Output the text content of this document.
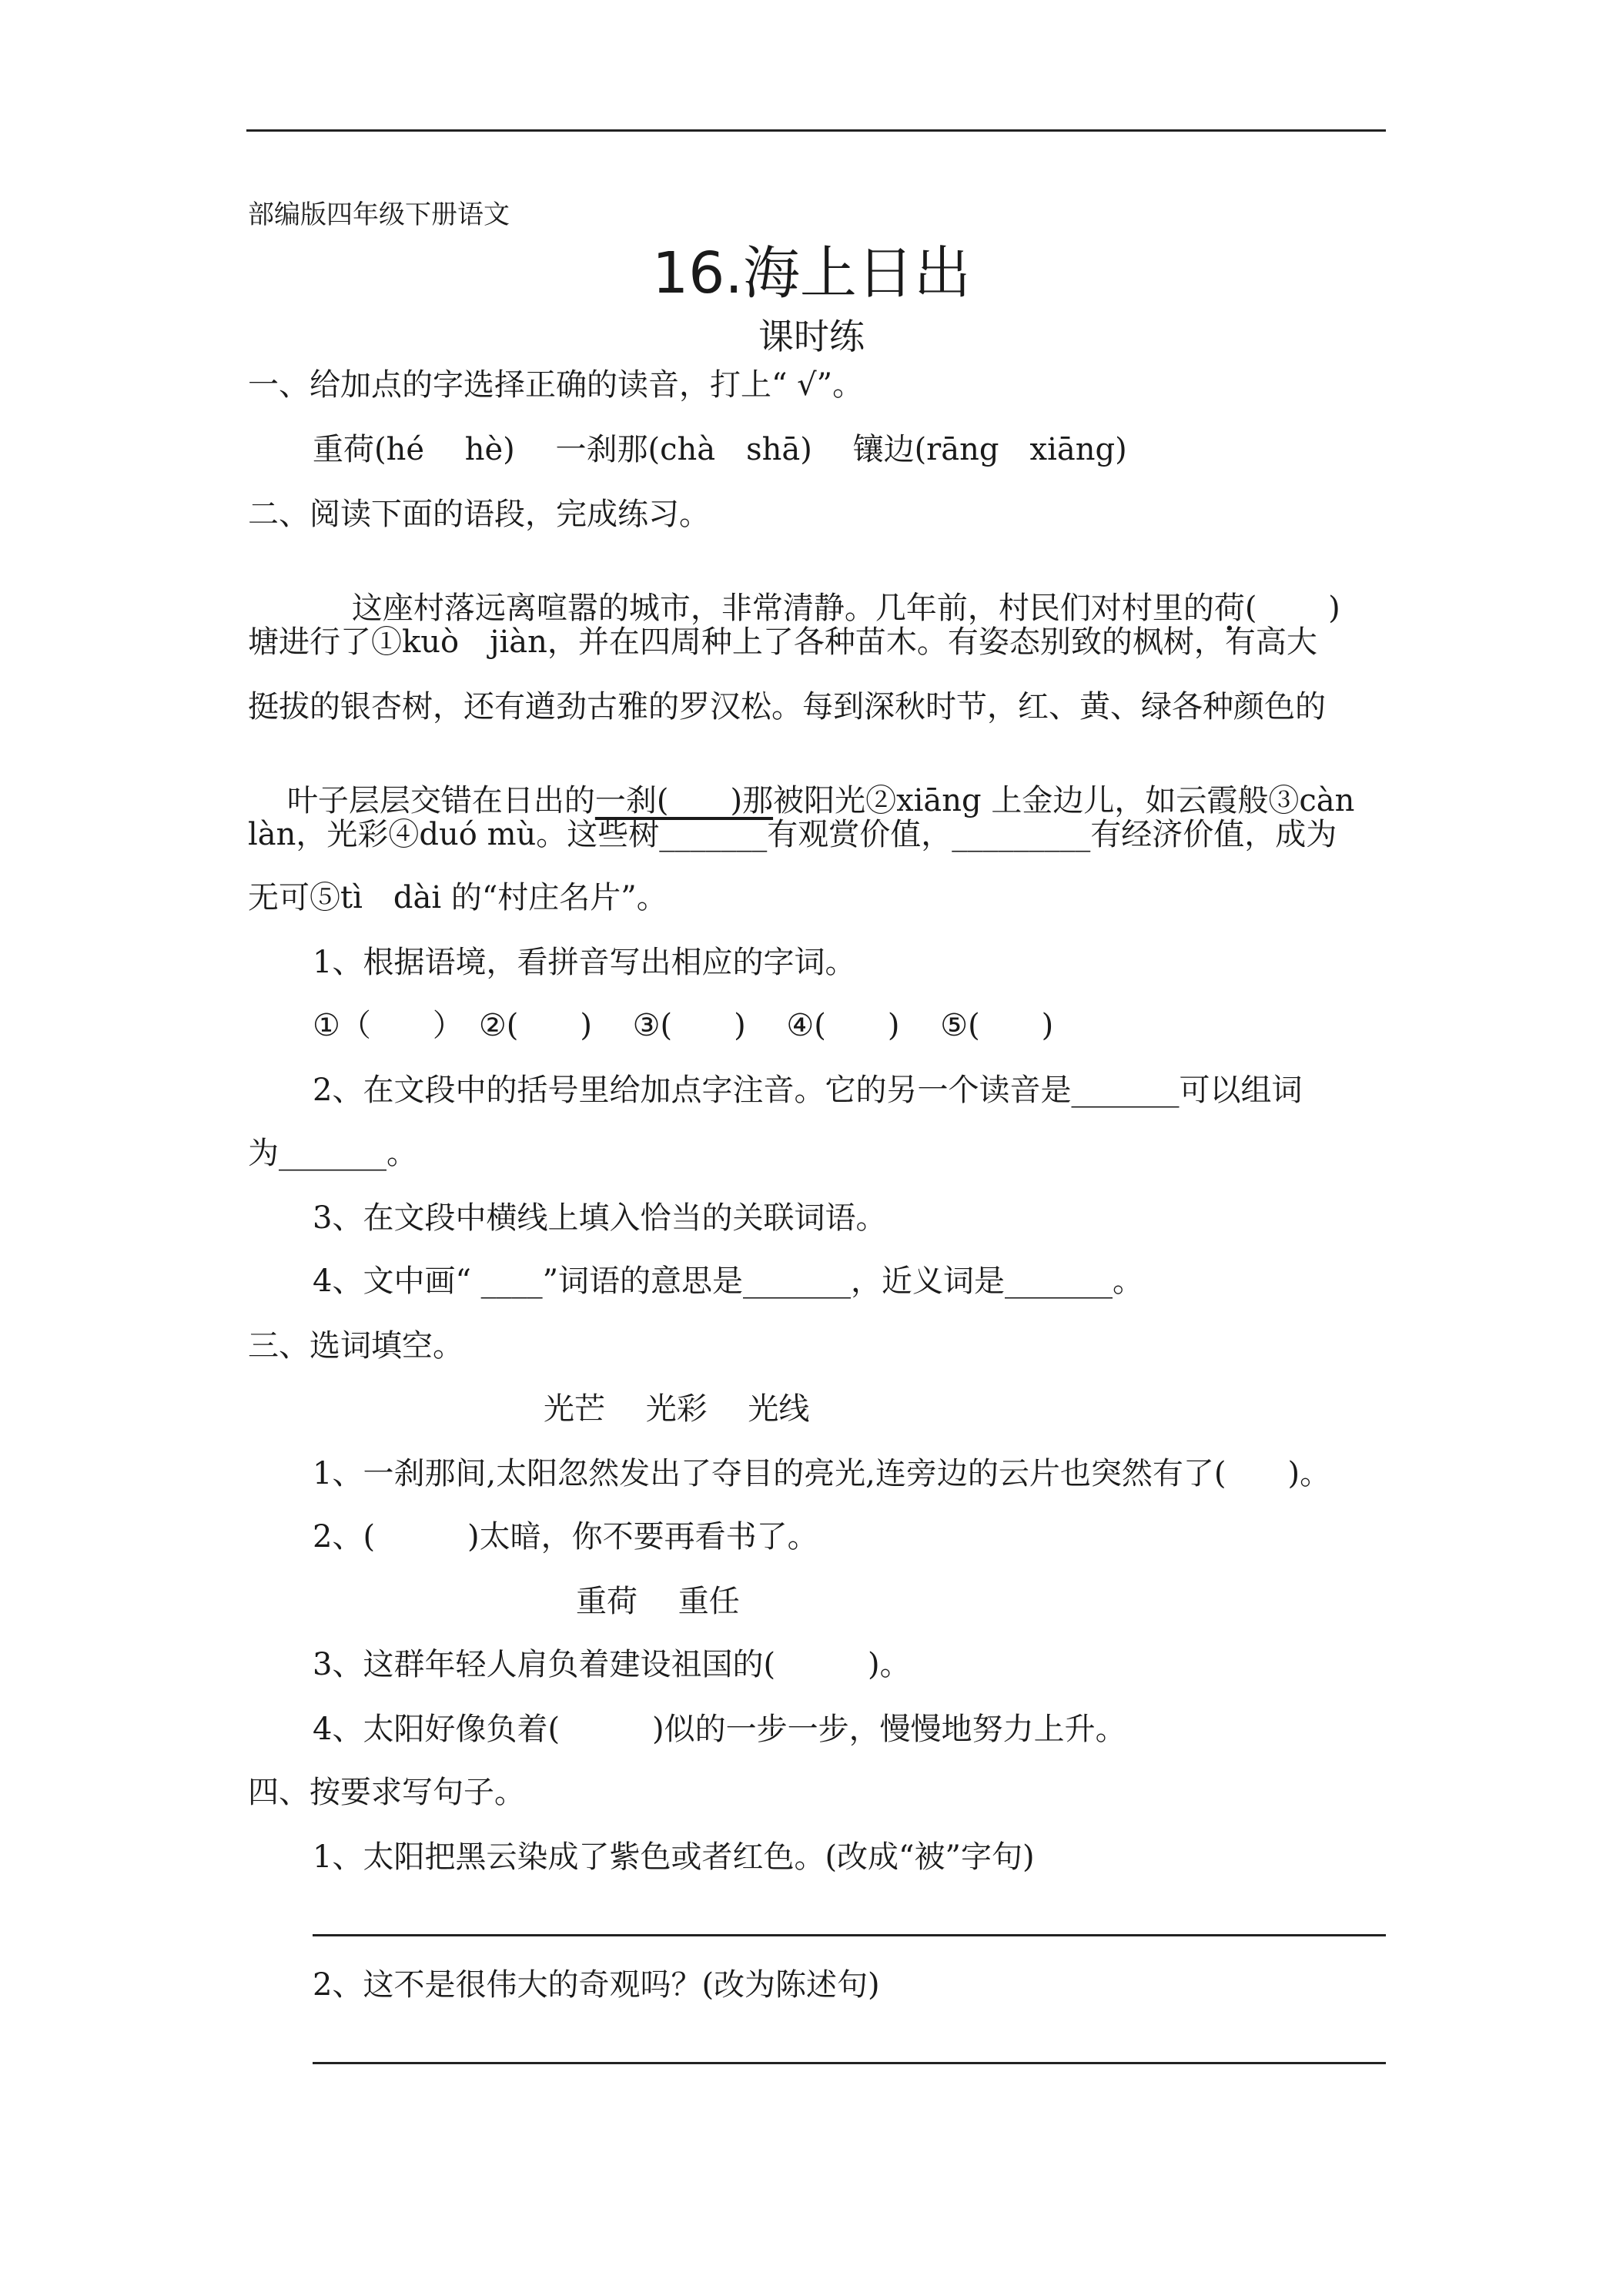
部编版四年级下册语文
16.海上日出
课时练
一、给加点的字选择正确的读音，打上“ √”。
重荷(hé　 hè)　 一刹那(chà　shā)　 镶边(rāng　xiāng)
二、阅读下面的语段，完成练习。

这座村落远离喧嚣的城市，非常清静。几年前，村民们对村里的荷(　　 )

塘进行了①kuò　jiàn，并在四周种上了各种苗木。有姿态别致的枫树，有高大
挺拔的银杏树，还有遒劲古雅的罗汉松。每到深秋时节，红、黄、绿各种颜色的

叶子层层交错在日出的一刹(　　)那被阳光②xiāng 上金边儿，如云霞般③càn

làn，光彩④duó mù。这些树_______有观赏价值，_________有经济价值，成为
无可⑤tì　dài 的“村庄名片”。
1、根据语境，看拼音写出相应的字词。
①（　　）　②(　　)　 ③(　　)　 ④(　　)　 ⑤(　　)
2、在文段中的括号里给加点字注音。它的另一个读音是_______可以组词
为_______。
3、在文段中横线上填入恰当的关联词语。
4、文中画“ ____”词语的意思是_______，近义词是_______。
三、选词填空。
光芒　 光彩　 光线
1、一刹那间,太阳忽然发出了夺目的亮光,连旁边的云片也突然有了(　　)。
2、(　　　)太暗，你不要再看书了。
重荷　 重任
3、这群年轻人肩负着建设祖国的(　　　)。
4、太阳好像负着(　　　)似的一步一步，慢慢地努力上升。
四、按要求写句子。
1、太阳把黑云染成了紫色或者红色。(改成“被”字句)
2、这不是很伟大的奇观吗？(改为陈述句)
